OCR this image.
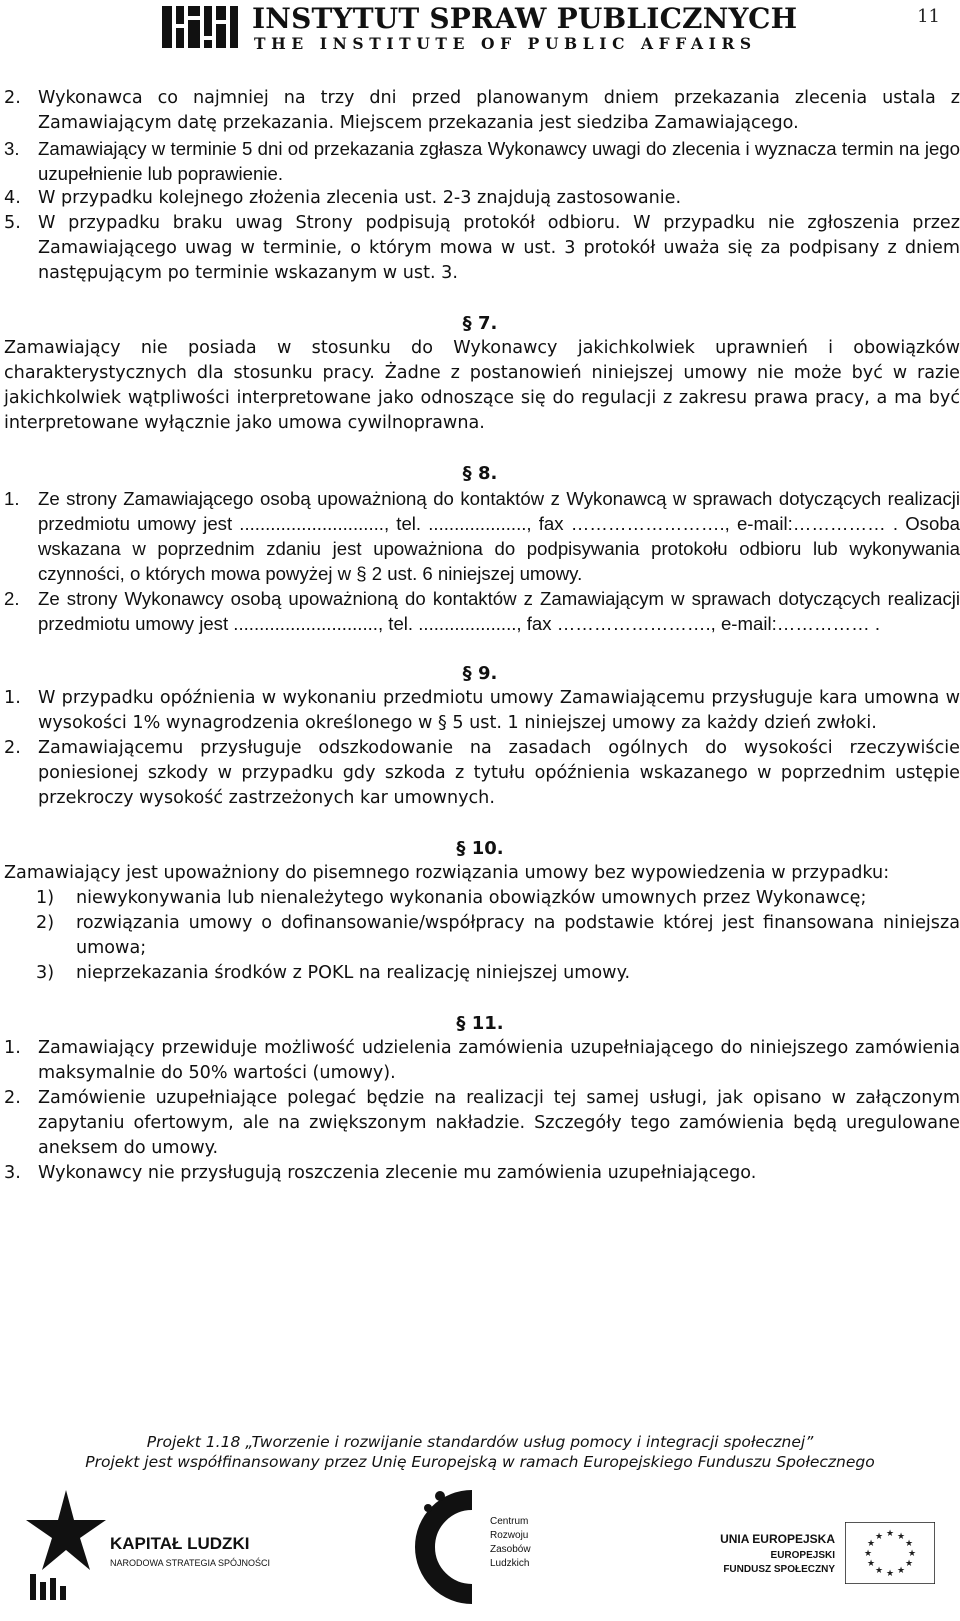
INSTYTUT SPRAW PUBLICZNYCH
THE INSTITUTE OF PUBLIC AFFAIRS
11
2. Wykonawca co najmniej na trzy dni przed planowanym dniem przekazania zlecenia ustala z Zamawiającym datę przekazania. Miejscem przekazania jest siedziba Zamawiającego.
3. Zamawiający w terminie 5 dni od przekazania zgłasza Wykonawcy uwagi do zlecenia i wyznacza termin na jego uzupełnienie lub poprawienie.
4. W przypadku kolejnego złożenia zlecenia ust. 2-3 znajdują zastosowanie.
5. W przypadku braku uwag Strony podpisują protokół odbioru. W przypadku nie zgłoszenia przez Zamawiającego uwag w terminie, o którym mowa w ust. 3 protokół uważa się za podpisany z dniem następującym po terminie wskazanym w ust. 3.
§ 7.
Zamawiający nie posiada w stosunku do Wykonawcy jakichkolwiek uprawnień i obowiązków charakterystycznych dla stosunku pracy. Żadne z postanowień niniejszej umowy nie może być w razie jakichkolwiek wątpliwości interpretowane jako odnoszące się do regulacji z zakresu prawa pracy, a ma być interpretowane wyłącznie jako umowa cywilnoprawna.
§ 8.
1. Ze strony Zamawiającego osobą upoważnioną do kontaktów z Wykonawcą w sprawach dotyczących realizacji przedmiotu umowy jest ............................, tel. ..................., fax ……………………., e-mail:…………… . Osoba wskazana w poprzednim zdaniu jest upoważniona do podpisywania protokołu odbioru lub wykonywania czynności, o których mowa powyżej w § 2 ust. 6 niniejszej umowy.
2. Ze strony Wykonawcy osobą upoważnioną do kontaktów z Zamawiającym w sprawach dotyczących realizacji przedmiotu umowy jest ............................, tel. ..................., fax ……………………., e-mail:…………… .
§ 9.
1. W przypadku opóźnienia w wykonaniu przedmiotu umowy Zamawiającemu przysługuje kara umowna w wysokości 1% wynagrodzenia określonego w § 5 ust. 1 niniejszej umowy za każdy dzień zwłoki.
2. Zamawiającemu przysługuje odszkodowanie na zasadach ogólnych do wysokości rzeczywiście poniesionej szkody w przypadku gdy szkoda z tytułu opóźnienia wskazanego w poprzednim ustępie przekroczy wysokość zastrzeżonych kar umownych.
§ 10.
Zamawiający jest upoważniony do pisemnego rozwiązania umowy bez wypowiedzenia w przypadku:
1) niewykonywania lub nienależytego wykonania obowiązków umownych przez Wykonawcę;
2) rozwiązania umowy o dofinansowanie/współpracy na podstawie której jest finansowana niniejsza umowa;
3) nieprzekazania środków z POKL na realizację niniejszej umowy.
§ 11.
1. Zamawiający przewiduje możliwość udzielenia zamówienia uzupełniającego do niniejszego zamówienia maksymalnie do 50% wartości (umowy).
2. Zamówienie uzupełniające polegać będzie na realizacji tej samej usługi, jak opisano w załączonym zapytaniu ofertowym, ale na zwiększonym nakładzie. Szczegóły tego zamówienia będą uregulowane aneksem do umowy.
3. Wykonawcy nie przysługują roszczenia zlecenie mu zamówienia uzupełniającego.
Projekt 1.18 „Tworzenie i rozwijanie standardów usług pomocy i integracji społecznej”
Projekt jest współfinansowany przez Unię Europejską w ramach Europejskiego Funduszu Społecznego
KAPITAŁ LUDZKI
NARODOWA STRATEGIA SPÓJNOŚCI
Centrum
Rozwoju
Zasobów
Ludzkich
UNIA EUROPEJSKA
EUROPEJSKI
FUNDUSZ SPOŁECZNY
★ ★
★
★
★
★
★
★
★
★
★
★
